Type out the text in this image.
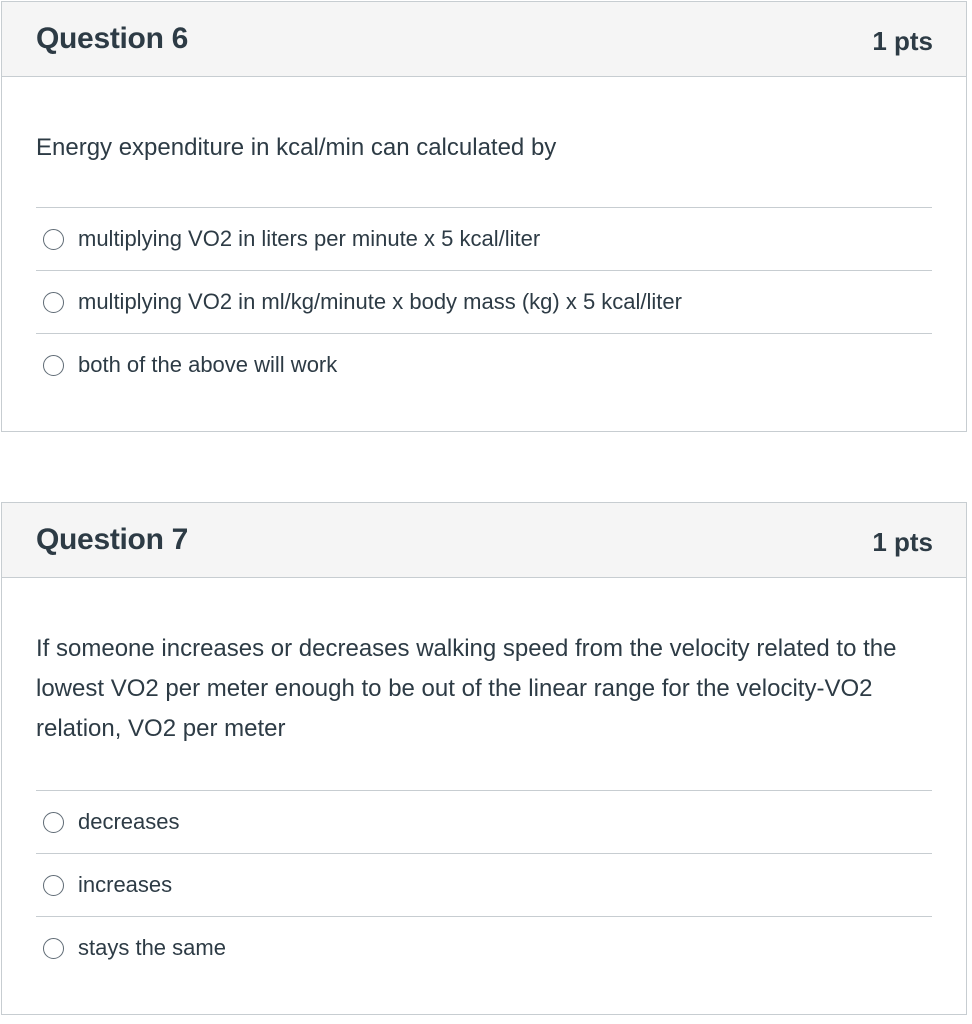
Question 6	1 pts
Energy expenditure in kcal/min can calculated by
multiplying VO2 in liters per minute x 5 kcal/liter
multiplying VO2 in ml/kg/minute x body mass (kg) x 5 kcal/liter
both of the above will work
Question 7	1 pts
If someone increases or decreases walking speed from the velocity related to the lowest VO2 per meter enough to be out of the linear range for the velocity-VO2 relation, VO2 per meter
decreases
increases
stays the same
